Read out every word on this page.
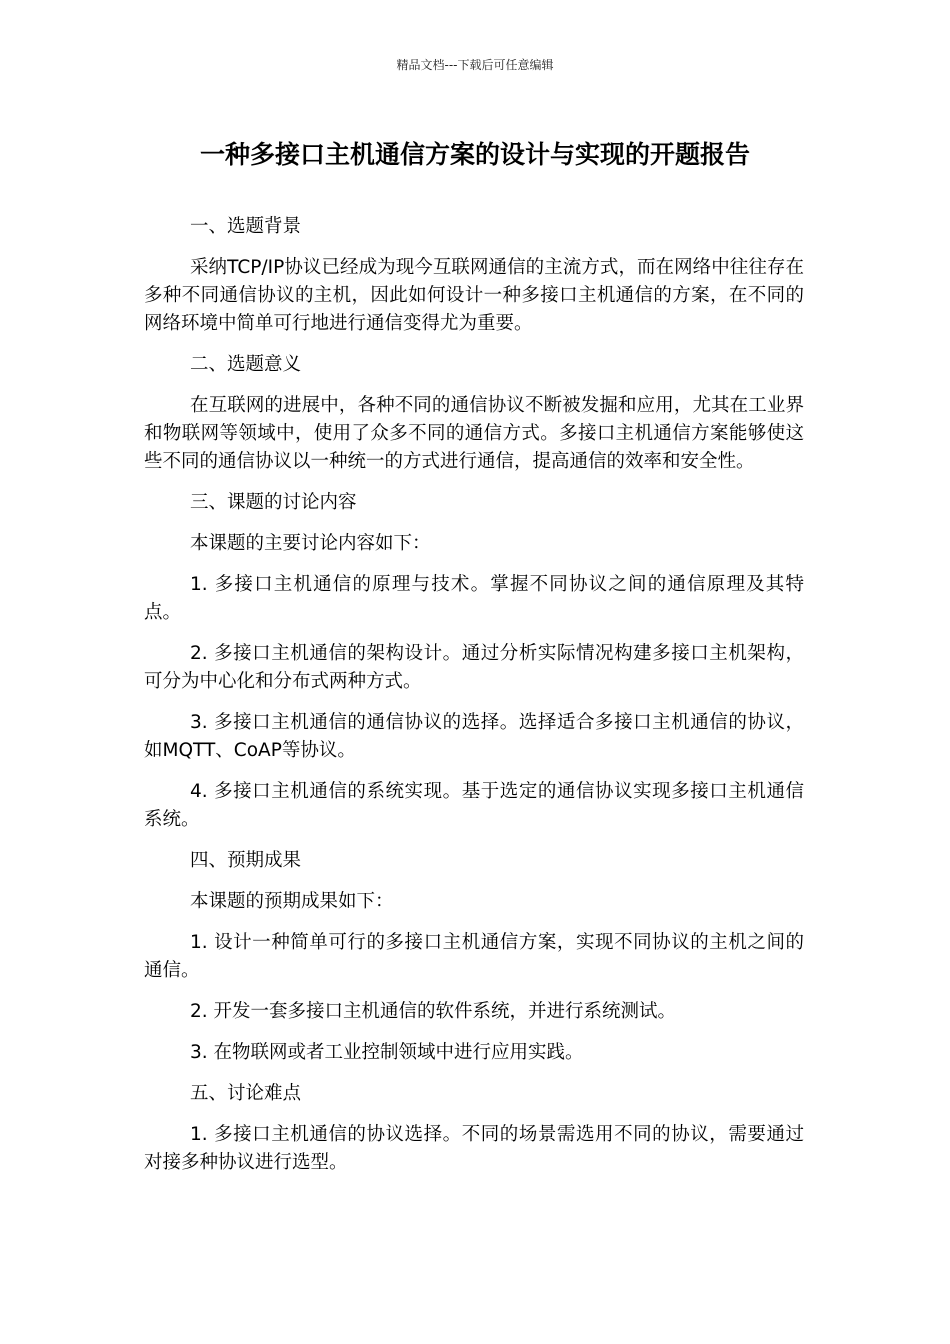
精品文档---下载后可任意编辑
一种多接口主机通信方案的设计与实现的开题报告

一、选题背景

采纳TCP/IP协议已经成为现今互联网通信的主流方式，而在网络中往往存在多种不同通信协议的主机，因此如何设计一种多接口主机通信的方案，在不同的网络环境中简单可行地进行通信变得尤为重要。

二、选题意义

在互联网的进展中，各种不同的通信协议不断被发掘和应用，尤其在工业界和物联网等领域中，使用了众多不同的通信方式。多接口主机通信方案能够使这些不同的通信协议以一种统一的方式进行通信，提高通信的效率和安全性。

三、课题的讨论内容

本课题的主要讨论内容如下：

1. 多接口主机通信的原理与技术。掌握不同协议之间的通信原理及其特点。

2. 多接口主机通信的架构设计。通过分析实际情况构建多接口主机架构，可分为中心化和分布式两种方式。

3. 多接口主机通信的通信协议的选择。选择适合多接口主机通信的协议，如MQTT、CoAP等协议。

4. 多接口主机通信的系统实现。基于选定的通信协议实现多接口主机通信系统。

四、预期成果

本课题的预期成果如下：

1. 设计一种简单可行的多接口主机通信方案，实现不同协议的主机之间的通信。

2. 开发一套多接口主机通信的软件系统，并进行系统测试。

3. 在物联网或者工业控制领域中进行应用实践。

五、讨论难点

1. 多接口主机通信的协议选择。不同的场景需选用不同的协议，需要通过对接多种协议进行选型。
